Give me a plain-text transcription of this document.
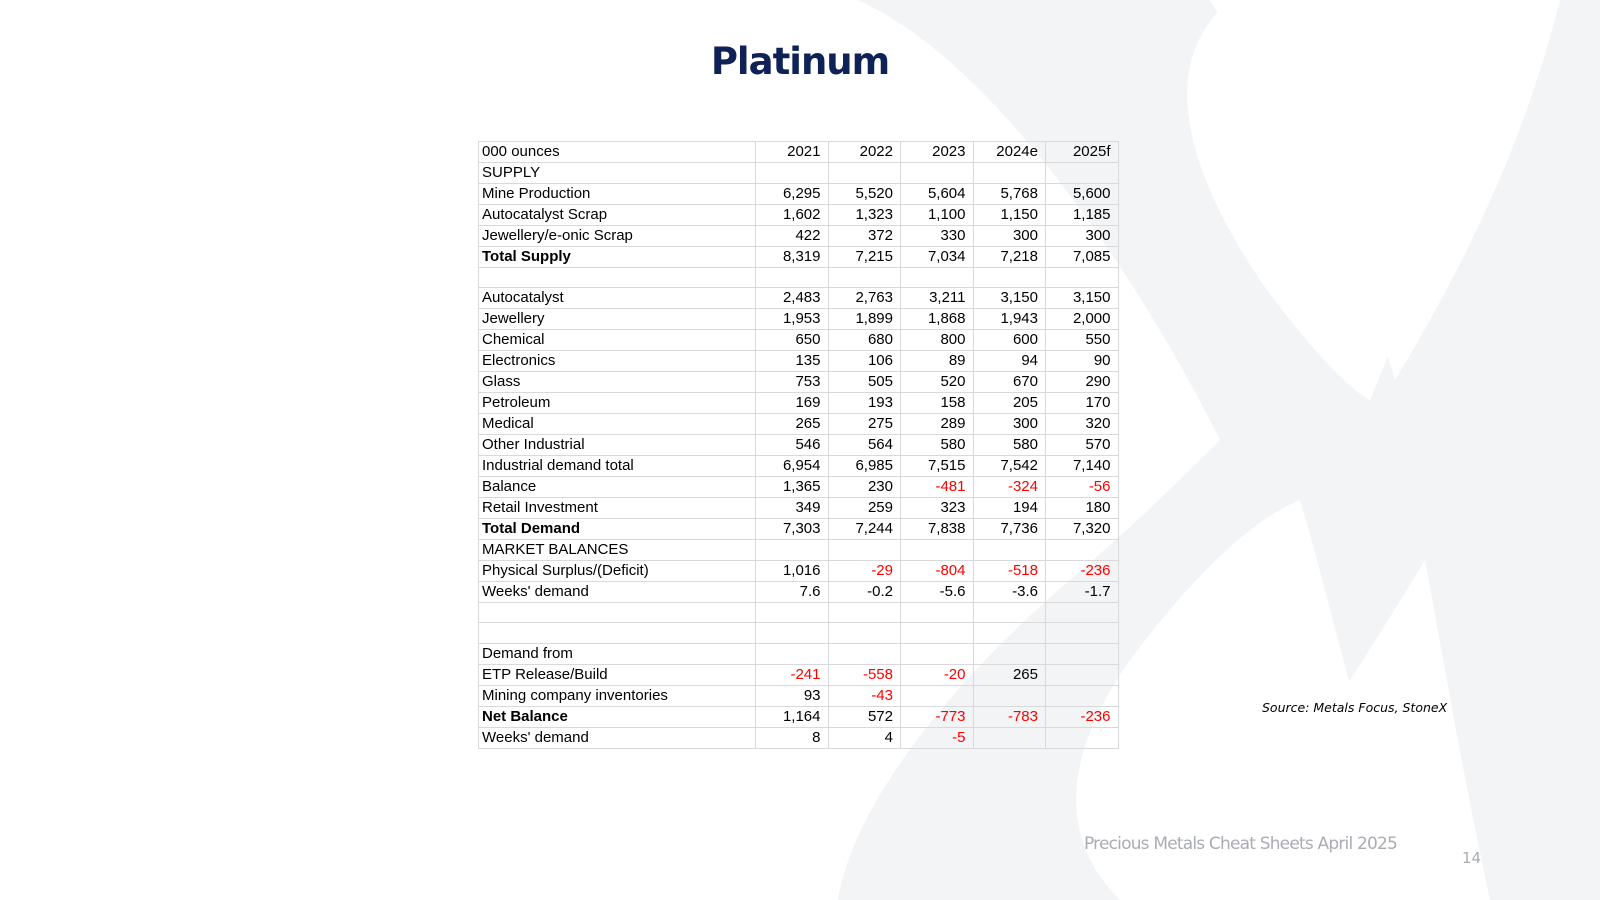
Platinum
000 ounces	2021	2022	2023	2024e	2025f
SUPPLY					
Mine Production	6,295	5,520	5,604	5,768	5,600
Autocatalyst Scrap	1,602	1,323	1,100	1,150	1,185
Jewellery/e-onic Scrap	422	372	330	300	300
Total Supply	8,319	7,215	7,034	7,218	7,085

Autocatalyst	2,483	2,763	3,211	3,150	3,150
Jewellery	1,953	1,899	1,868	1,943	2,000
Chemical	650	680	800	600	550
Electronics	135	106	89	94	90
Glass	753	505	520	670	290
Petroleum	169	193	158	205	170
Medical	265	275	289	300	320
Other Industrial	546	564	580	580	570
Industrial demand total	6,954	6,985	7,515	7,542	7,140
Balance	1,365	230	-481	-324	-56
Retail Investment	349	259	323	194	180
Total Demand	7,303	7,244	7,838	7,736	7,320
MARKET BALANCES					
Physical Surplus/(Deficit)	1,016	-29	-804	-518	-236
Weeks' demand	7.6	-0.2	-5.6	-3.6	-1.7

Demand from					
ETP Release/Build	-241	-558	-20	265	
Mining company inventories	93	-43			
Net Balance	1,164	572	-773	-783	-236
Weeks' demand	8	4	-5		
Source: Metals Focus, StoneX
Precious Metals Cheat Sheets April 2025
14
